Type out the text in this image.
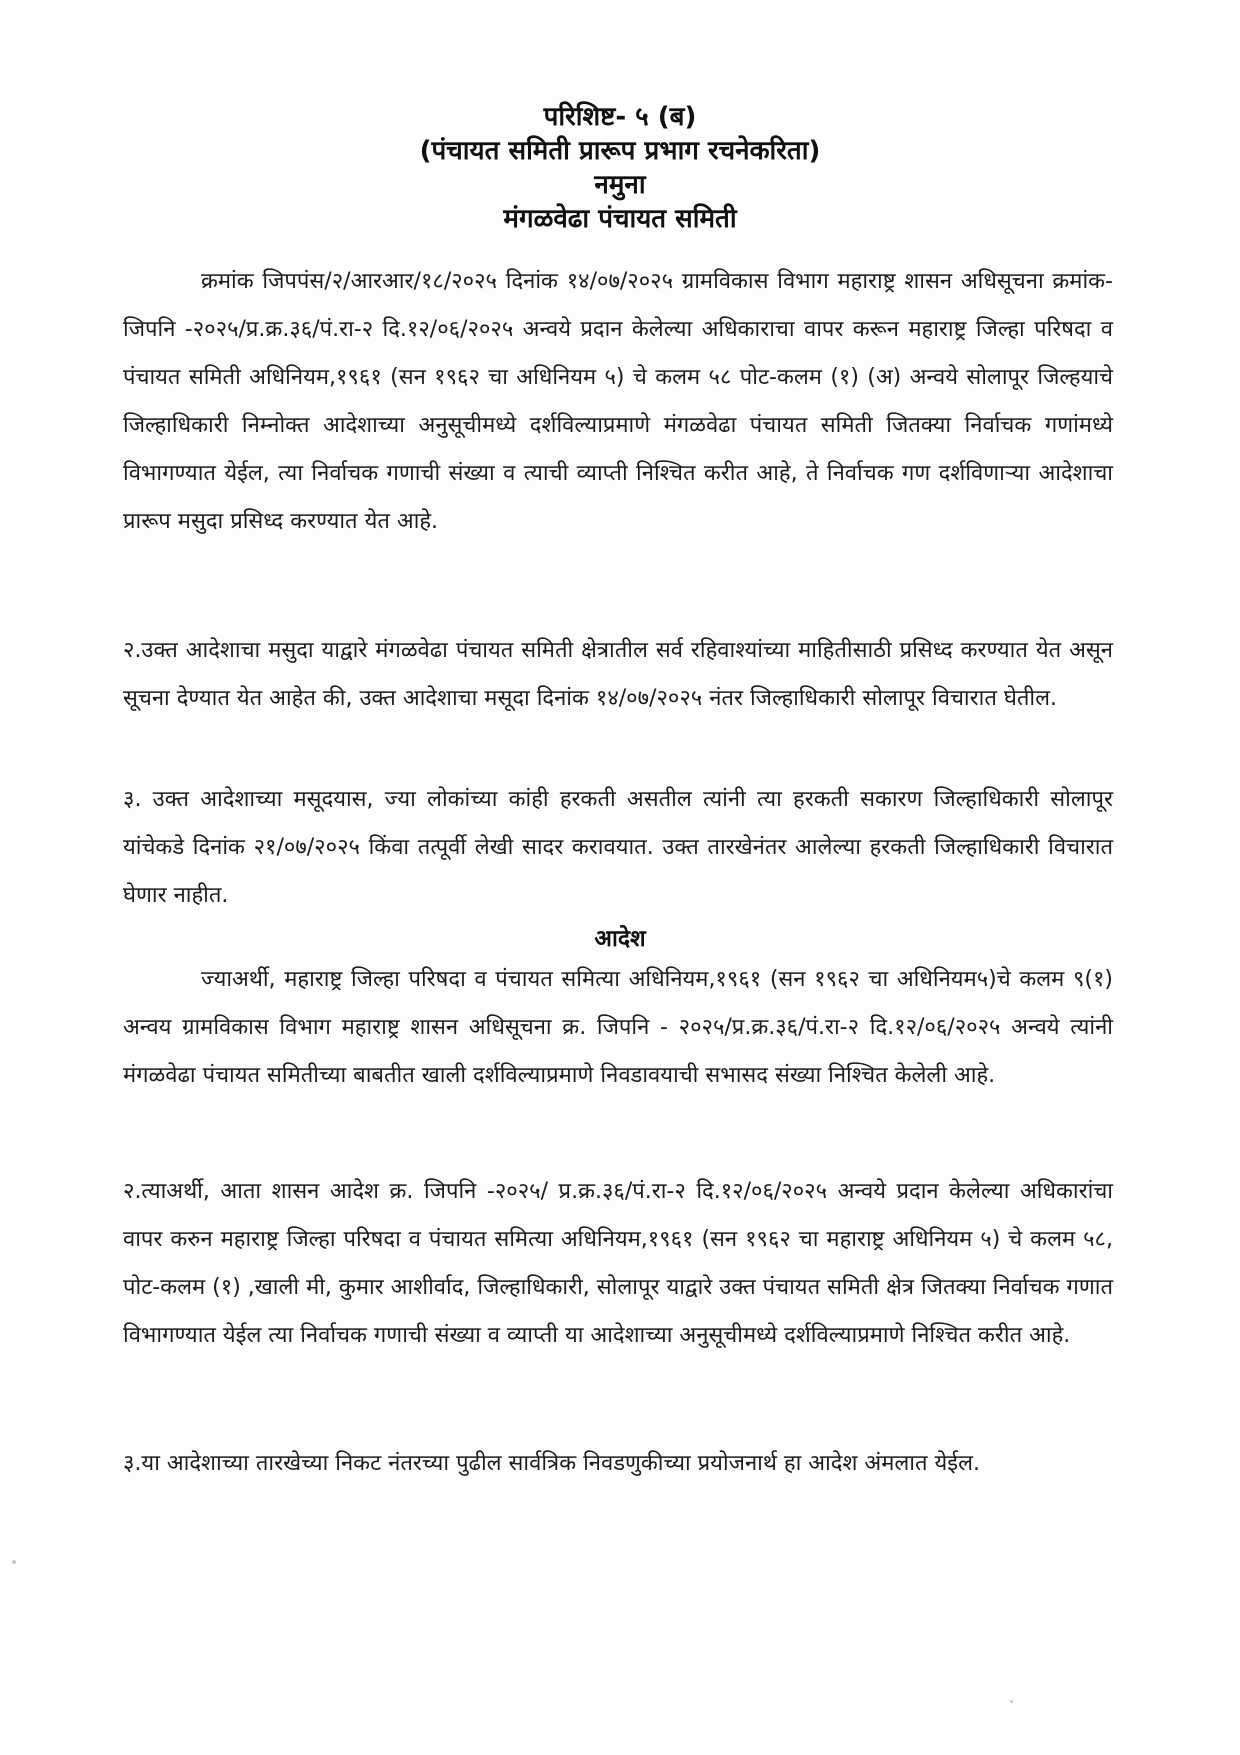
परिशिष्ट- ५ (ब)
(पंचायत समिती प्रारूप प्रभाग रचनेकरिता)
नमुना
मंगळवेढा पंचायत समिती
क्रमांक जिपपंस/२/आरआर/१८/२०२५ दिनांक १४/०७/२०२५ ग्रामविकास विभाग महाराष्ट्र शासन अधिसूचना क्रमांक-जिपनि -२०२५/प्र.क्र.३६/पं.रा-२ दि.१२/०६/२०२५ अन्वये प्रदान केलेल्या अधिकाराचा वापर करून महाराष्ट्र जिल्हा परिषदा व पंचायत समिती अधिनियम,१९६१ (सन १९६२ चा अधिनियम ५) चे कलम ५८ पोट-कलम (१) (अ) अन्वये सोलापूर जिल्हयाचे जिल्हाधिकारी निम्नोक्त आदेशाच्या अनुसूचीमध्ये दर्शविल्याप्रमाणे मंगळवेढा पंचायत समिती जितक्या निर्वाचक गणांमध्ये विभागण्यात येईल, त्या निर्वाचक गणाची संख्या व त्याची व्याप्ती निश्चित करीत आहे, ते निर्वाचक गण दर्शविणाऱ्या आदेशाचा प्रारूप मसुदा प्रसिध्द करण्यात येत आहे.
२.उक्त आदेशाचा मसुदा याद्वारे मंगळवेढा पंचायत समिती क्षेत्रातील सर्व रहिवाश्यांच्या माहितीसाठी प्रसिध्द करण्यात येत असून सूचना देण्यात येत आहेत की, उक्त आदेशाचा मसूदा दिनांक १४/०७/२०२५ नंतर जिल्हाधिकारी सोलापूर विचारात घेतील.
३. उक्त आदेशाच्या मसूदयास, ज्या लोकांच्या कांही हरकती असतील त्यांनी त्या हरकती सकारण जिल्हाधिकारी सोलापूर यांचेकडे दिनांक २१/०७/२०२५ किंवा तत्पूर्वी लेखी सादर करावयात. उक्त तारखेनंतर आलेल्या हरकती जिल्हाधिकारी विचारात घेणार नाहीत.
आदेश
ज्याअर्थी, महाराष्ट्र जिल्हा परिषदा व पंचायत समित्या अधिनियम,१९६१ (सन १९६२ चा अधिनियम५)चे कलम ९(१) अन्वय ग्रामविकास विभाग महाराष्ट्र शासन अधिसूचना क्र. जिपनि - २०२५/प्र.क्र.३६/पं.रा-२ दि.१२/०६/२०२५ अन्वये त्यांनी मंगळवेढा पंचायत समितीच्या बाबतीत खाली दर्शविल्याप्रमाणे निवडावयाची सभासद संख्या निश्चित केलेली आहे.
२.त्याअर्थी, आता शासन आदेश क्र. जिपनि -२०२५/ प्र.क्र.३६/पं.रा-२ दि.१२/०६/२०२५ अन्वये प्रदान केलेल्या अधिकारांचा वापर करुन महाराष्ट्र जिल्हा परिषदा व पंचायत समित्या अधिनियम,१९६१ (सन १९६२ चा महाराष्ट्र अधिनियम ५) चे कलम ५८, पोट-कलम (१) ,खाली मी, कुमार आशीर्वाद, जिल्हाधिकारी, सोलापूर याद्वारे उक्त पंचायत समिती क्षेत्र जितक्या निर्वाचक गणात विभागण्यात येईल त्या निर्वाचक गणाची संख्या व व्याप्ती या आदेशाच्या अनुसूचीमध्ये दर्शविल्याप्रमाणे निश्चित करीत आहे.
३.या आदेशाच्या तारखेच्या निकट नंतरच्या पुढील सार्वत्रिक निवडणुकीच्या प्रयोजनार्थ हा आदेश अंमलात येईल.
